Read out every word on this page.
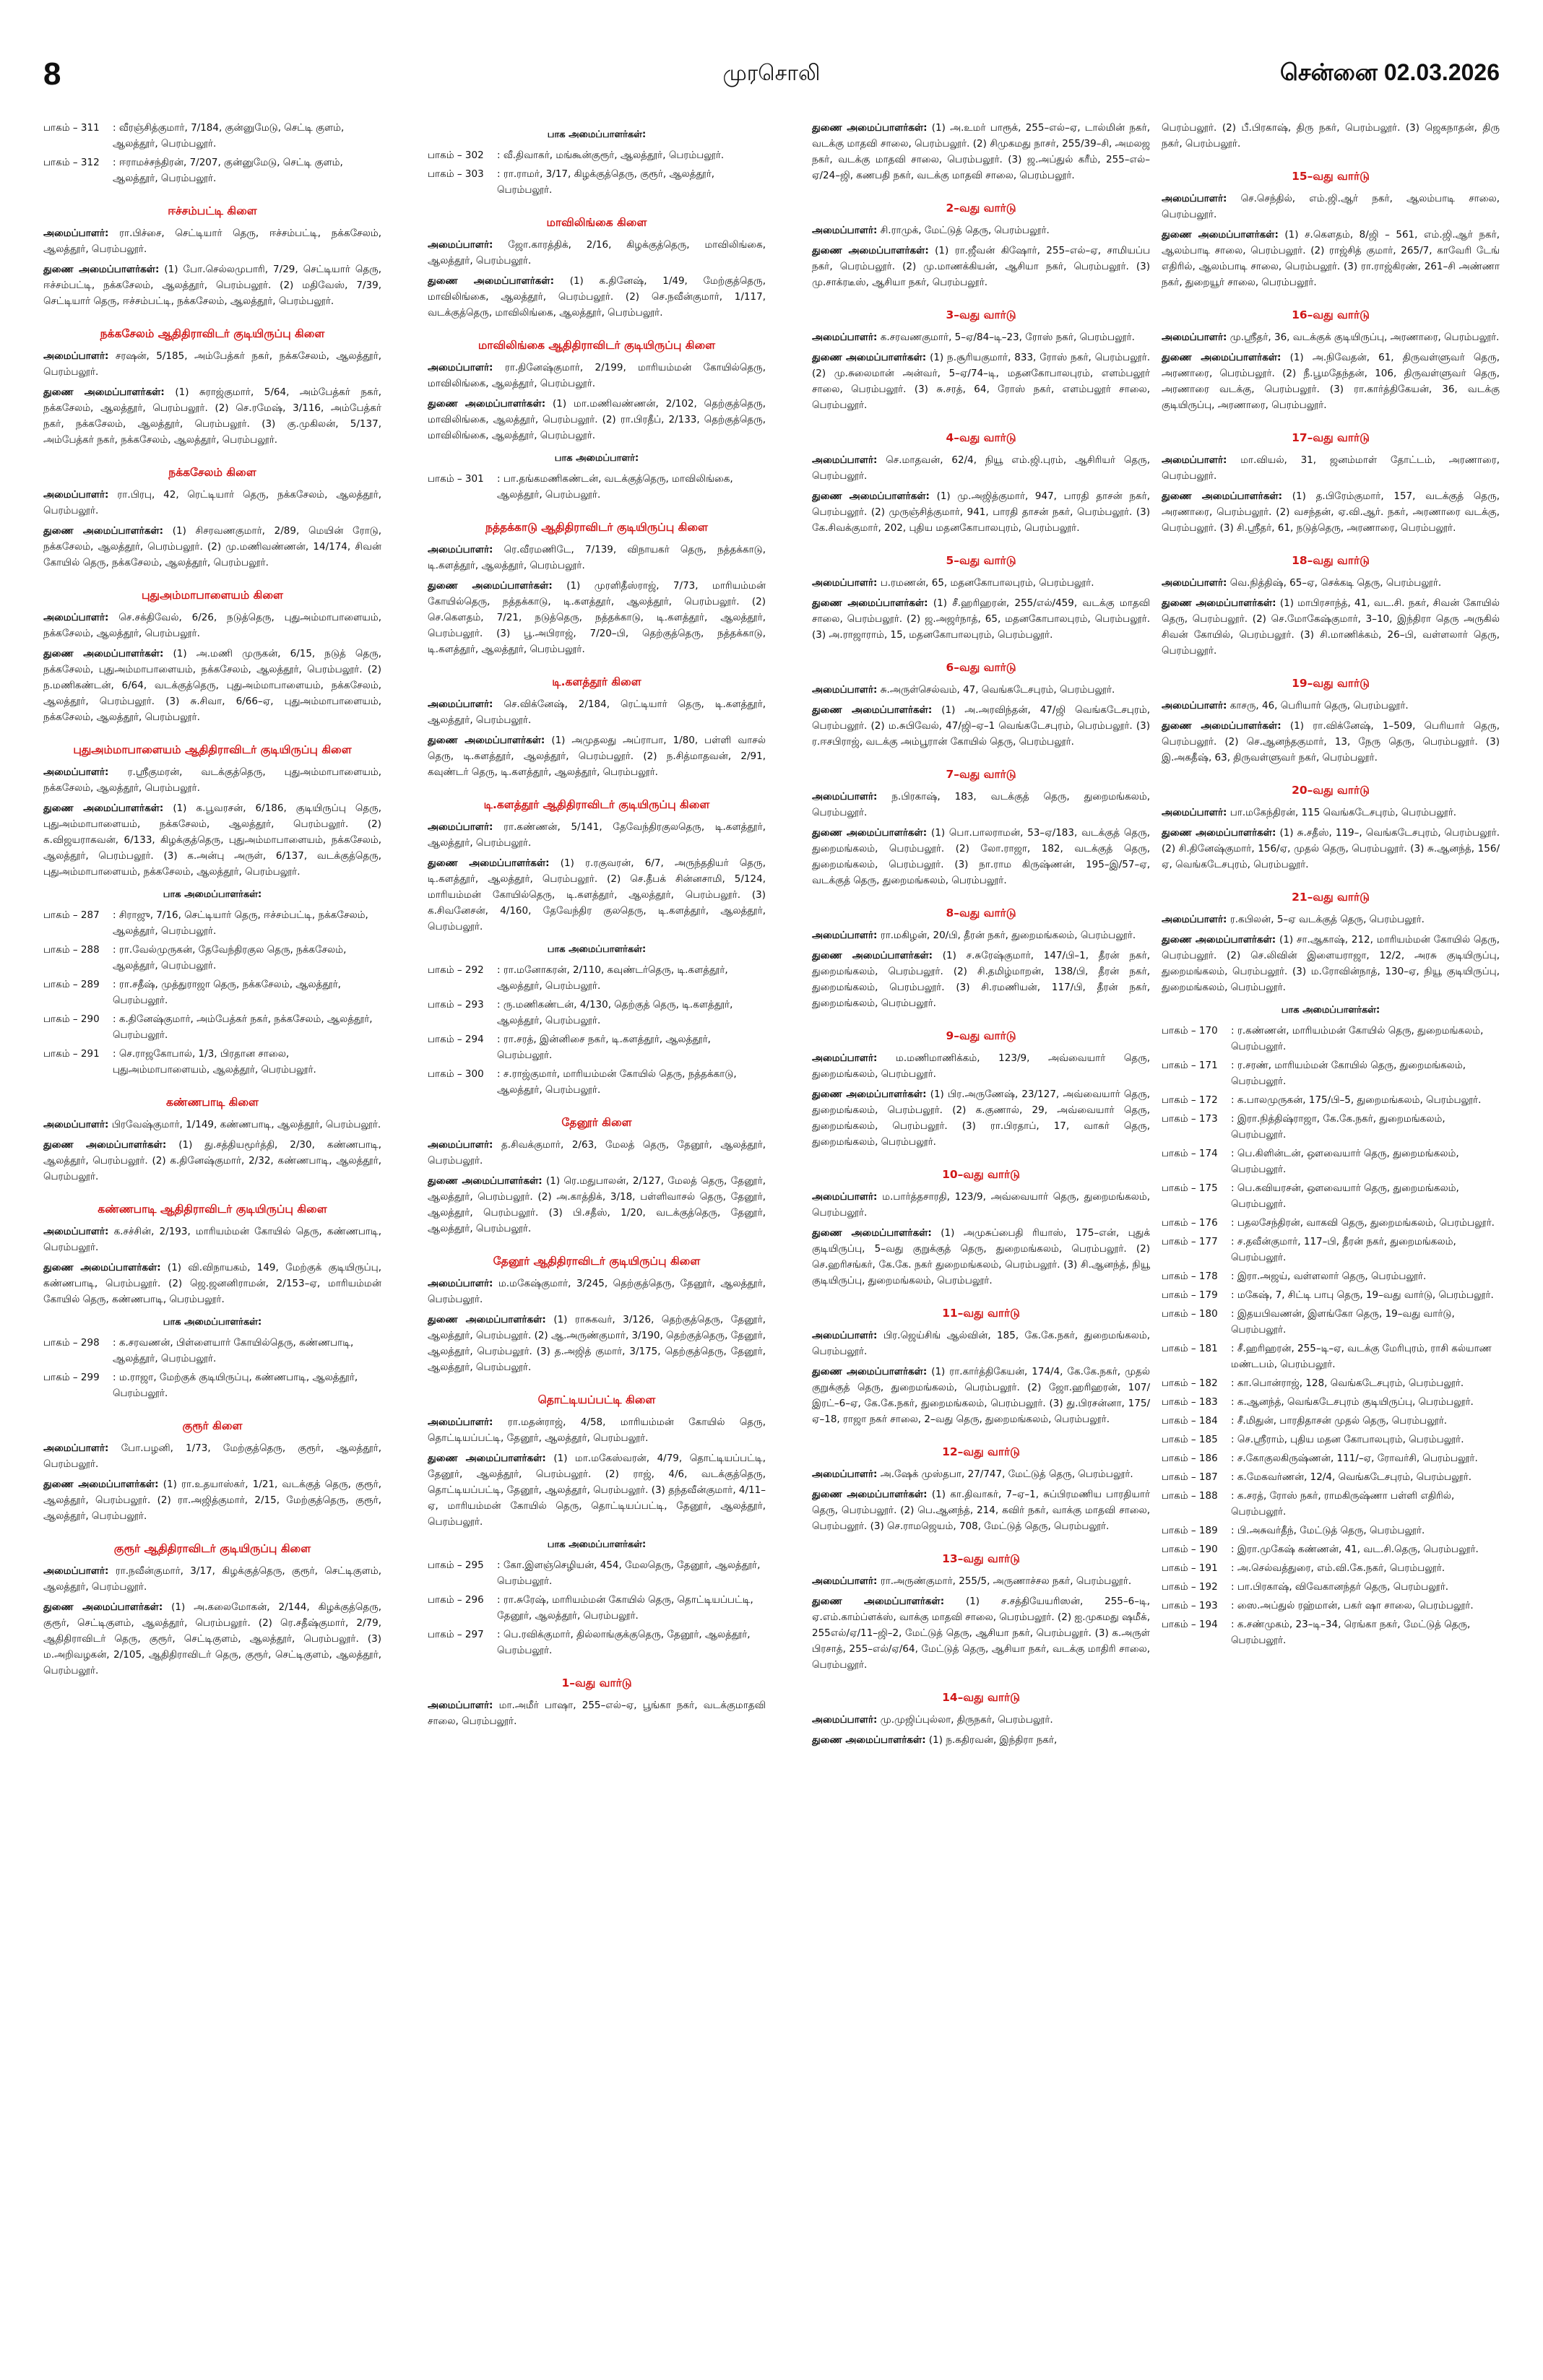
8	முரசொலி	சென்னை 02.03.2026
பாகம் – 311	: வீரஞ்சித்குமார், 7/184, குன்னுமேடு, செட்டி குளம், ஆலத்தூர், பெரம்பலூர்.
பாகம் – 312	: ஈராமச்சந்திரன், 7/207, குன்னுமேடு, செட்டி குளம், ஆலத்தூர், பெரம்பலூர்.
ஈச்சம்பட்டி கிளை
அமைப்பாளர்: ரா.பிச்சை, செட்டியார் தெரு, ஈச்சம்பட்டி, நக்கசேலம், ஆலத்தூர், பெரம்பலூர்.
துணை அமைப்பாளர்கள்: (1) போ.செல்லமுபாரி, 7/29, செட்டியார் தெரு, ஈச்சம்பட்டி, நக்கசேலம், ஆலத்தூர், பெரம்பலூர். (2) மதிவேஸ், 7/39, செட்டியார் தெரு, ஈச்சம்பட்டி, நக்கசேலம், ஆலத்தூர், பெரம்பலூர்.
நக்கசேலம் ஆதிதிராவிடர் குடியிருப்பு கிளை
அமைப்பாளர்: சரஷன், 5/185, அம்பேத்கர் நகர், நக்கசேலம், ஆலத்தூர், பெரம்பலூர்.
துணை அமைப்பாளர்கள்: (1) சுராஜ்குமார், 5/64, அம்பேத்கர் நகர், நக்கசேலம், ஆலத்தூர், பெரம்பலூர். (2) செ.ரமேஷ், 3/116, அம்பேத்கர் நகர், நக்கசேலம், ஆலத்தூர், பெரம்பலூர். (3) கு.முகிலன், 5/137, அம்பேத்கர் நகர், நக்கசேலம், ஆலத்தூர், பெரம்பலூர்.
நக்கசேலம் கிளை
அமைப்பாளர்: ரா.பிரபு, 42, ரெட்டியார் தெரு, நக்கசேலம், ஆலத்தூர், பெரம்பலூர்.
துணை அமைப்பாளர்கள்: (1) சிசரவணகுமார், 2/89, மெயின் ரோடு, நக்கசேலம், ஆலத்தூர், பெரம்பலூர். (2) மு.மணிவண்ணன், 14/174, சிவன் கோயில் தெரு, நக்கசேலம், ஆலத்தூர், பெரம்பலூர்.
புதுஅம்மாபாளையம் கிளை
அமைப்பாளர்: செ.சக்திவேல், 6/26, நடுத்தெரு, புதுஅம்மாபாளையம், நக்கசேலம், ஆலத்தூர், பெரம்பலூர்.
துணை அமைப்பாளர்கள்: (1) அ.மணி முருகன், 6/15, நடுத் தெரு, நக்கசேலம், புதுஅம்மாபாளையம், நக்கசேலம், ஆலத்தூர், பெரம்பலூர். (2) ந.மணிகண்டன், 6/64, வடக்குத்தெரு, புதுஅம்மாபாளையம், நக்கசேலம், ஆலத்தூர், பெரம்பலூர். (3) சு.சிவா, 6/66–ஏ, புதுஅம்மாபாளையம், நக்கசேலம், ஆலத்தூர், பெரம்பலூர்.
புதுஅம்மாபாளையம் ஆதிதிராவிடர் குடியிருப்பு கிளை
அமைப்பாளர்: ர.ஸ்ரீகுமரன், வடக்குத்தெரு, புதுஅம்மாபாளையம், நக்கசேலம், ஆலத்தூர், பெரம்பலூர்.
துணை அமைப்பாளர்கள்: (1) க.பூவரசன், 6/186, குடியிருப்பு தெரு, புதுஅம்மாபாளையம், நக்கசேலம், ஆலத்தூர், பெரம்பலூர். (2) க.விஜயராகவன், 6/133, கிழக்குத்தெரு, புதுஅம்மாபாளையம், நக்கசேலம், ஆலத்தூர், பெரம்பலூர். (3) க.அன்பு அருள், 6/137, வடக்குத்தெரு, புதுஅம்மாபாளையம், நக்கசேலம், ஆலத்தூர், பெரம்பலூர்.
பாக அமைப்பாளர்கள்:
பாகம் – 287	: சிராஜு, 7/16, செட்டியார் தெரு, ஈச்சம்பட்டி, நக்கசேலம், ஆலத்தூர், பெரம்பலூர்.
பாகம் – 288	: ரா.வேல்முருகன், தேவேந்திரகுல தெரு, நக்கசேலம், ஆலத்தூர், பெரம்பலூர்.
பாகம் – 289	: ரா.சதீஷ், முத்துராஜா தெரு, நக்கசேலம், ஆலத்தூர், பெரம்பலூர்.
பாகம் – 290	: க.தினேஷ்குமார், அம்பேத்கர் நகர், நக்கசேலம், ஆலத்தூர், பெரம்பலூர்.
பாகம் – 291	: செ.ராஜகோபால், 1/3, பிரதான சாலை, புதுஅம்மாபாளையம், ஆலத்தூர், பெரம்பலூர்.
கண்ணபாடி கிளை
அமைப்பாளர்: பிரவேஷ்குமார், 1/149, கண்ணபாடி, ஆலத்தூர், பெரம்பலூர்.
துணை அமைப்பாளர்கள்: (1) து.சத்தியமூர்த்தி, 2/30, கண்ணபாடி, ஆலத்தூர், பெரம்பலூர். (2) க.தினேஷ்குமார், 2/32, கண்ணபாடி, ஆலத்தூர், பெரம்பலூர்.
கண்ணபாடி ஆதிதிராவிடர் குடியிருப்பு கிளை
அமைப்பாளர்: க.சச்சின், 2/193, மாரியம்மன் கோயில் தெரு, கண்ணபாடி, பெரம்பலூர்.
துணை அமைப்பாளர்கள்: (1) வி.விநாயகம், 149, மேற்குக் குடியிருப்பு, கண்ணபாடி, பெரம்பலூர். (2) ஜெ.ஜனனிராமன், 2/153–ஏ, மாரியம்மன் கோயில் தெரு, கண்ணபாடி, பெரம்பலூர்.
பாக அமைப்பாளர்கள்:
பாகம் – 298	: க.சரவணன், பிள்ளையார் கோயில்தெரு, கண்ணபாடி, ஆலத்தூர், பெரம்பலூர்.
பாகம் – 299	: ம.ராஜா, மேற்குக் குடியிருப்பு, கண்ணபாடி, ஆலத்தூர், பெரம்பலூர்.
குரூர் கிளை
அமைப்பாளர்: போ.பழனி, 1/73, மேற்குத்தெரு, குரூர், ஆலத்தூர், பெரம்பலூர்.
துணை அமைப்பாளர்கள்: (1) ரா.உதயாஸ்கர், 1/21, வடக்குத் தெரு, குரூர், ஆலத்தூர், பெரம்பலூர். (2) ரா.அஜித்குமார், 2/15, மேற்குத்தெரு, குரூர், ஆலத்தூர், பெரம்பலூர்.
குரூர் ஆதிதிராவிடர் குடியிருப்பு கிளை
அமைப்பாளர்: ரா.நவீன்குமார், 3/17, கிழக்குத்தெரு, குரூர், செட்டிகுளம், ஆலத்தூர், பெரம்பலூர்.
துணை அமைப்பாளர்கள்: (1) அ.கலைமோகன், 2/144, கிழக்குத்தெரு, குரூர், செட்டிகுளம், ஆலத்தூர், பெரம்பலூர். (2) ரெ.சதீஷ்குமார், 2/79, ஆதிதிராவிடர் தெரு, குரூர், செட்டிகுளம், ஆலத்தூர், பெரம்பலூர். (3) ம.அறிவழகன், 2/105, ஆதிதிராவிடர் தெரு, குரூர், செட்டிகுளம், ஆலத்தூர், பெரம்பலூர்.
பாக அமைப்பாளர்கள்:
பாகம் – 302	: வீ.திவாகர், மங்கூன்குரூர், ஆலத்தூர், பெரம்பலூர்.
பாகம் – 303	: ரா.ராமர், 3/17, கிழக்குத்தெரு, குரூர், ஆலத்தூர், பெரம்பலூர்.
மாவிலிங்கை கிளை
அமைப்பாளர்: ஜோ.காரத்திக், 2/16, கிழக்குத்தெரு, மாவிலிங்கை, ஆலத்தூர், பெரம்பலூர்.
துணை அமைப்பாளர்கள்: (1) க.தினேஷ், 1/49, மேற்குத்தெரு, மாவிலிங்கை, ஆலத்தூர், பெரம்பலூர். (2) செ.நவீன்குமார், 1/117, வடக்குத்தெரு, மாவிலிங்கை, ஆலத்தூர், பெரம்பலூர்.
மாவிலிங்கை ஆதிதிராவிடர் குடியிருப்பு கிளை
அமைப்பாளர்: ரா.தினேஷ்குமார், 2/199, மாரியம்மன் கோயில்தெரு, மாவிலிங்கை, ஆலத்தூர், பெரம்பலூர்.
துணை அமைப்பாளர்கள்: (1) மா.மணிவண்ணன், 2/102, தெற்குத்தெரு, மாவிலிங்கை, ஆலத்தூர், பெரம்பலூர். (2) ரா.பிரதீப், 2/133, தெற்குத்தெரு, மாவிலிங்கை, ஆலத்தூர், பெரம்பலூர்.
பாக அமைப்பாளர்:
பாகம் – 301	: பா.தங்கமணிகண்டன், வடக்குத்தெரு, மாவிலிங்கை, ஆலத்தூர், பெரம்பலூர்.
நத்தக்காடு ஆதிதிராவிடர் குடியிருப்பு கிளை
அமைப்பாளர்: ரெ.வீரமணிடே, 7/139, விநாயகர் தெரு, நத்தக்காடு, டி.களத்தூர், ஆலத்தூர், பெரம்பலூர்.
துணை அமைப்பாளர்கள்: (1) முரளிதீஸ்ராஜ், 7/73, மாரியம்மன் கோயில்தெரு, நத்தக்காடு, டி.களத்தூர், ஆலத்தூர், பெரம்பலூர். (2) செ.கௌதம், 7/21, நடுத்தெரு, நத்தக்காடு, டி.களத்தூர், ஆலத்தூர், பெரம்பலூர். (3) பூ.அபிராஜ், 7/20–பி, தெற்குத்தெரு, நத்தக்காடு, டி.களத்தூர், ஆலத்தூர், பெரம்பலூர்.
டி.களத்தூர் கிளை
அமைப்பாளர்: செ.விக்னேஷ், 2/184, ரெட்டியார் தெரு, டி.களத்தூர், ஆலத்தூர், பெரம்பலூர்.
துணை அமைப்பாளர்கள்: (1) அமுதலது அப்ராபா, 1/80, பள்ளி வாசல் தெரு, டி.களத்தூர், ஆலத்தூர், பெரம்பலூர். (2) ந.சித்மாதவன், 2/91, கவுண்டர் தெரு, டி.களத்தூர், ஆலத்தூர், பெரம்பலூர்.
டி.களத்தூர் ஆதிதிராவிடர் குடியிருப்பு கிளை
அமைப்பாளர்: ரா.கண்ணன், 5/141, தேவேந்திரகுலதெரு, டி.களத்தூர், ஆலத்தூர், பெரம்பலூர்.
துணை அமைப்பாளர்கள்: (1) ர.ரகுவரன், 6/7, அருந்ததியர் தெரு, டி.களத்தூர், ஆலத்தூர், பெரம்பலூர். (2) செ.தீபக் சின்னசாமி, 5/124, மாரியம்மன் கோயில்தெரு, டி.களத்தூர், ஆலத்தூர், பெரம்பலூர். (3) க.சிவனேசன், 4/160, தேவேந்திர குலதெரு, டி.களத்தூர், ஆலத்தூர், பெரம்பலூர்.
பாக அமைப்பாளர்கள்:
பாகம் – 292	: ரா.மனோகரன், 2/110, கவுண்டர்தெரு, டி.களத்தூர், ஆலத்தூர், பெரம்பலூர்.
பாகம் – 293	: ரு.மணிகண்டன், 4/130, தெற்குத் தெரு, டி.களத்தூர், ஆலத்தூர், பெரம்பலூர்.
பாகம் – 294	: ரா.சரத், இன்னிசை நகர், டி.களத்தூர், ஆலத்தூர், பெரம்பலூர்.
பாகம் – 300	: ச.ராஜ்குமார், மாரியம்மன் கோயில் தெரு, நத்தக்காடு, ஆலத்தூர், பெரம்பலூர்.
தேனூர் கிளை
அமைப்பாளர்: த.சிவக்குமார், 2/63, மேலத் தெரு, தேனூர், ஆலத்தூர், பெரம்பலூர்.
துணை அமைப்பாளர்கள்: (1) ரெ.மதுபாலன், 2/127, மேலத் தெரு, தேனூர், ஆலத்தூர், பெரம்பலூர். (2) அ.காத்திக், 3/18, பள்ளிவாசல் தெரு, தேனூர், ஆலத்தூர், பெரம்பலூர். (3) பி.சதீஸ், 1/20, வடக்குத்தெரு, தேனூர், ஆலத்தூர், பெரம்பலூர்.
தேனூர் ஆதிதிராவிடர் குடியிருப்பு கிளை
அமைப்பாளர்: ம.மகேஷ்குமார், 3/245, தெற்குத்தெரு, தேனூர், ஆலத்தூர், பெரம்பலூர்.
துணை அமைப்பாளர்கள்: (1) ராசுகவர், 3/126, தெற்குத்தெரு, தேனூர், ஆலத்தூர், பெரம்பலூர். (2) ஆ.அருண்குமார், 3/190, தெற்குத்தெரு, தேனூர், ஆலத்தூர், பெரம்பலூர். (3) த.அஜித் குமார், 3/175, தெற்குத்தெரு, தேனூர், ஆலத்தூர், பெரம்பலூர்.
தொட்டியப்பட்டி கிளை
அமைப்பாளர்: ரா.மதன்ராஜ், 4/58, மாரியம்மன் கோயில் தெரு, தொட்டியப்பட்டி, தேனூர், ஆலத்தூர், பெரம்பலூர்.
துணை அமைப்பாளர்கள்: (1) மா.மகேஸ்வரன், 4/79, தொட்டியப்பட்டி, தேனூர், ஆலத்தூர், பெரம்பலூர். (2) ராஜ், 4/6, வடக்குத்தெரு, தொட்டியப்பட்டி, தேனூர், ஆலத்தூர், பெரம்பலூர். (3) தந்தவீன்குமார், 4/11–ஏ, மாரியம்மன் கோயில் தெரு, தொட்டியப்பட்டி, தேனூர், ஆலத்தூர், பெரம்பலூர்.
பாக அமைப்பாளர்கள்:
பாகம் – 295	: கோ.இளஞ்செழியன், 454, மேலதெரு, தேனூர், ஆலத்தூர், பெரம்பலூர்.
பாகம் – 296	: ரா.சுரேஷ், மாரியம்மன் கோயில் தெரு, தொட்டியப்பட்டி, தேனூர், ஆலத்தூர், பெரம்பலூர்.
பாகம் – 297	: பெ.ரவிக்குமார், தில்லாங்குக்குதெரு, தேனூர், ஆலத்தூர், பெரம்பலூர்.
1–வது வார்டு
அமைப்பாளர்: மா.அமீர் பாஷா, 255–எல்–ஏ, பூங்கா நகர், வடக்குமாதவி சாலை, பெரம்பலூர்.
துணை அமைப்பாளர்கள்: (1) அ.உமர் பாரூக், 255–எல்–ஏ, டால்மின் நகர், வடக்கு மாதவி சாலை, பெரம்பலூர். (2) சிமுகமது நாசர், 255/39–சி, அமலஜ நகர், வடக்கு மாதவி சாலை, பெரம்பலூர். (3) ஜ.அப்துல் கரீம், 255–எல்–ஏ/24–ஜி, கணபதி நகர், வடக்கு மாதவி சாலை, பெரம்பலூர்.
2–வது வார்டு
அமைப்பாளர்: சி.ராமுக், மேட்டுத் தெரு, பெரம்பலூர்.
துணை அமைப்பாளர்கள்: (1) ரா.ஜீவன் கிஷோர், 255–எல்–ஏ, சாமியப்ப நகர், பெரம்பலூர். (2) மு.மாணக்கியன், ஆசியா நகர், பெரம்பலூர். (3) மு.சாக்ரடீஸ், ஆசியா நகர், பெரம்பலூர்.
3–வது வார்டு
அமைப்பாளர்: க.சரவணகுமார், 5–ஏ/84–டி–23, ரோஸ் நகர், பெரம்பலூர்.
துணை அமைப்பாளர்கள்: (1) ந.சூரியகுமார், 833, ரோஸ் நகர், பெரம்பலூர். (2) மு.சுலைமான் அன்வர், 5–ஏ/74–டி, மதனகோபாலபுரம், எளம்பலூர் சாலை, பெரம்பலூர். (3) சு.சரத், 64, ரோஸ் நகர், எளம்பலூர் சாலை, பெரம்பலூர்.
4–வது வார்டு
அமைப்பாளர்: செ.மாதவன், 62/4, நியூ எம்.ஜி.புரம், ஆசிரியர் தெரு, பெரம்பலூர்.
துணை அமைப்பாளர்கள்: (1) மு.அஜித்குமார், 947, பாரதி தாசன் நகர், பெரம்பலூர். (2) முருஞ்சித்குமார், 941, பாரதி தாசன் நகர், பெரம்பலூர். (3) கே.சிவக்குமார், 202, புதிய மதனகோபாலபுரம், பெரம்பலூர்.
5–வது வார்டு
அமைப்பாளர்: ப.ரமணன், 65, மதனகோபாலபுரம், பெரம்பலூர்.
துணை அமைப்பாளர்கள்: (1) சீ.ஹரிஹரன், 255/எல்/459, வடக்கு மாதவி சாலை, பெரம்பலூர். (2) ஜ.அஜர்நாத், 65, மதனகோபாலபுரம், பெரம்பலூர். (3) அ.ராஜாராம், 15, மதனகோபாலபுரம், பெரம்பலூர்.
6–வது வார்டு
அமைப்பாளர்: சு.அருள்செல்வம், 47, வெங்கடேசபுரம், பெரம்பலூர்.
துணை அமைப்பாளர்கள்: (1) அ.அரவிந்தன், 47/ஜி வெங்கடேசபுரம், பெரம்பலூர். (2) ம.சுபிவேல், 47/ஜி–ஏ–1 வெங்கடேசபுரம், பெரம்பலூர். (3) ர.ஈசபிராஜ், வடக்கு அம்பூரான் கோயில் தெரு, பெரம்பலூர்.
7–வது வார்டு
அமைப்பாளர்: ந.பிரகாஷ், 183, வடக்குத் தெரு, துறைமங்கலம், பெரம்பலூர்.
துணை அமைப்பாளர்கள்: (1) பொ.பாலராமன், 53–ஏ/183, வடக்குத் தெரு, துறைமங்கலம், பெரம்பலூர். (2) லோ.ராஜா, 182, வடக்குத் தெரு, துறைமங்கலம், பெரம்பலூர். (3) நா.ராம கிருஷ்ணன், 195–இ/57–ஏ, வடக்குத் தெரு, துறைமங்கலம், பெரம்பலூர்.
8–வது வார்டு
அமைப்பாளர்: ரா.மகிழன், 20/பி, தீரன் நகர், துறைமங்கலம், பெரம்பலூர்.
துணை அமைப்பாளர்கள்: (1) ச.சுரேஷ்குமார், 147/பி–1, தீரன் நகர், துறைமங்கலம், பெரம்பலூர். (2) சி.தமிழ்மாறன், 138/பி, தீரன் நகர், துறைமங்கலம், பெரம்பலூர். (3) சி.ரமணியன், 117/பி, தீரன் நகர், துறைமங்கலம், பெரம்பலூர்.
9–வது வார்டு
அமைப்பாளர்: ம.மணிமாணிக்கம், 123/9, அவ்வையார் தெரு, துறைமங்கலம், பெரம்பலூர்.
துணை அமைப்பாளர்கள்: (1) பிர.அருணேஷ், 23/127, அவ்வையார் தெரு, துறைமங்கலம், பெரம்பலூர். (2) க.குணால், 29, அவ்வையார் தெரு, துறைமங்கலம், பெரம்பலூர். (3) ரா.பிரதாப், 17, வாகர் தெரு, துறைமங்கலம், பெரம்பலூர்.
10–வது வார்டு
அமைப்பாளர்: ம.பார்த்தசாரதி, 123/9, அவ்வையார் தெரு, துறைமங்கலம், பெரம்பலூர்.
துணை அமைப்பாளர்கள்: (1) அமுசுப்பைதி ரியாஸ், 175–என், புதுக் குடியிருப்பு, 5–வது குறுக்குத் தெரு, துறைமங்கலம், பெரம்பலூர். (2) செ.ஹரிசங்கர், கே.கே. நகர் துறைமங்கலம், பெரம்பலூர். (3) சி.ஆனந்த், நியூ குடியிருப்பு, துறைமங்கலம், பெரம்பலூர்.
11–வது வார்டு
அமைப்பாளர்: பிர.ஜெய்சிங் ஆல்வின், 185, கே.கே.நகர், துறைமங்கலம், பெரம்பலூர்.
துணை அமைப்பாளர்கள்: (1) ரா.கார்த்திகேயன், 174/4, கே.கே.நகர், முதல் குறுக்குத் தெரு, துறைமங்கலம், பெரம்பலூர். (2) ஜோ.ஹரிஹரன், 107/இரட்–6–ஏ, கே.கே.நகர், துறைமங்கலம், பெரம்பலூர். (3) து.பிரசன்னா, 175/ஏ–18, ராஜா நகர் சாலை, 2–வது தெரு, துறைமங்கலம், பெரம்பலூர்.
12–வது வார்டு
அமைப்பாளர்: அ.ஷேக் முஸ்தபா, 27/747, மேட்டுத் தெரு, பெரம்பலூர்.
துணை அமைப்பாளர்கள்: (1) கா.திவாகர், 7–ஏ–1, சுப்பிரமணிய பாரதியார் தெரு, பெரம்பலூர். (2) பெ.ஆனந்த், 214, கவிர் நகர், வாக்கு மாதவி சாலை, பெரம்பலூர். (3) செ.ராமஜெயம், 708, மேட்டுத் தெரு, பெரம்பலூர்.
13–வது வார்டு
அமைப்பாளர்: ரா.அருண்குமார், 255/5, அருணாச்சல நகர், பெரம்பலூர்.
துணை அமைப்பாளர்கள்: (1) ச.சத்தியேயரிஸன், 255–6–டி, ஏ.எம்.காம்ப்ளக்ஸ், வாக்கு மாதவி சாலை, பெரம்பலூர். (2) ஐ.முகமது ஷமீக், 255எல்/ஏ/11–ஜி–2, மேட்டுத் தெரு, ஆசியா நகர், பெரம்பலூர். (3) க.அருள் பிரசாத், 255–எல்/ஏ/64, மேட்டுத் தெரு, ஆசியா நகர், வடக்கு மாதிரி சாலை, பெரம்பலூர்.
14–வது வார்டு
அமைப்பாளர்: மு.முஜிப்புல்லா, திருநகர், பெரம்பலூர்.
துணை அமைப்பாளர்கள்: (1) ந.கதிரவன், இந்திரா நகர்,
பெரம்பலூர். (2) பீ.பிரகாஷ், திரு நகர், பெரம்பலூர். (3) ஜெகநாதன், திரு நகர், பெரம்பலூர்.
15–வது வார்டு
அமைப்பாளர்: செ.செந்தில், எம்.ஜி.ஆர் நகர், ஆலம்பாடி சாலை, பெரம்பலூர்.
துணை அமைப்பாளர்கள்: (1) ச.கௌதம், 8/ஜி – 561, எம்.ஜி.ஆர் நகர், ஆலம்பாடி சாலை, பெரம்பலூர். (2) ராஜ்சித் குமார், 265/7, காவேரி டேங் எதிரில், ஆலம்பாடி சாலை, பெரம்பலூர். (3) ரா.ராஜ்கிரண், 261–சி அண்ணா நகர், துறையூர் சாலை, பெரம்பலூர்.
16–வது வார்டு
அமைப்பாளர்: மு.ஸ்ரீதர், 36, வடக்குக் குடியிருப்பு, அரணாரை, பெரம்பலூர்.
துணை அமைப்பாளர்கள்: (1) அ.நிவேதன், 61, திருவள்ளுவர் தெரு, அரணாரை, பெரம்பலூர். (2) நீ.பூமதேந்தன், 106, திருவள்ளுவர் தெரு, அரணாரை வடக்கு, பெரம்பலூர். (3) ரா.கார்த்திகேயன், 36, வடக்கு குடியிருப்பு, அரணாரை, பெரம்பலூர்.
17–வது வார்டு
அமைப்பாளர்: மா.வியல், 31, ஜனம்மாள் தோட்டம், அரணாரை, பெரம்பலூர்.
துணை அமைப்பாளர்கள்: (1) த.பிரேம்குமார், 157, வடக்குத் தெரு, அரணாரை, பெரம்பலூர். (2) வசந்தன், ஏ.வி.ஆர். நகர், அரணாரை வடக்கு, பெரம்பலூர். (3) சி.ஸ்ரீதர், 61, நடுத்தெரு, அரணாரை, பெரம்பலூர்.
18–வது வார்டு
அமைப்பாளர்: வெ.நித்திஷ், 65–ஏ, செக்கடி தெரு, பெரம்பலூர்.
துணை அமைப்பாளர்கள்: (1) மாபிரசாந்த், 41, வட.சி. நகர், சிவன் கோயில் தெரு, பெரம்பலூர். (2) செ.மோகேஷ்குமார், 3–10, இந்திரா தெரு அருகில் சிவன் கோயில், பெரம்பலூர். (3) சி.மாணிக்கம், 26–பி, வள்ளலார் தெரு, பெரம்பலூர்.
19–வது வார்டு
அமைப்பாளர்: காசரு, 46, பெரியார் தெரு, பெரம்பலூர்.
துணை அமைப்பாளர்கள்: (1) ரா.விக்னேஷ், 1–509, பெரியார் தெரு, பெரம்பலூர். (2) செ.ஆனந்தகுமார், 13, நேரு தெரு, பெரம்பலூர். (3) இ.அகதீஷ், 63, திருவள்ளுவர் நகர், பெரம்பலூர்.
20–வது வார்டு
அமைப்பாளர்: பா.மகேந்திரன், 115 வெங்கடேசபுரம், பெரம்பலூர்.
துணை அமைப்பாளர்கள்: (1) சு.சதீஸ், 119–, வெங்கடேசபுரம், பெரம்பலூர். (2) சி.தினேஷ்குமார், 156/ஏ, முதல் தெரு, பெரம்பலூர். (3) சு.ஆனந்த், 156/ஏ, வெங்கடேசபுரம், பெரம்பலூர்.
21–வது வார்டு
அமைப்பாளர்: ர.கபிலன், 5–ஏ வடக்குத் தெரு, பெரம்பலூர்.
துணை அமைப்பாளர்கள்: (1) சா.ஆகாஷ், 212, மாரியம்மன் கோயில் தெரு, பெரம்பலூர். (2) செ.லிவின் இளையராஜா, 12/2, அரசு குடியிருப்பு, துறைமங்கலம், பெரம்பலூர். (3) ம.ரோவின்நாத், 130–ஏ, நியூ குடியிருப்பு, துறைமங்கலம், பெரம்பலூர்.
பாக அமைப்பாளர்கள்:
பாகம் – 170	: ர.கண்ணன், மாரியம்மன் கோயில் தெரு, துறைமங்கலம், பெரம்பலூர்.
பாகம் – 171	: ர.சரண், மாரியம்மன் கோயில் தெரு, துறைமங்கலம், பெரம்பலூர்.
பாகம் – 172	: க.பாலமுருகன், 175/பி–5, துறைமங்கலம், பெரம்பலூர்.
பாகம் – 173	: இரா.நித்திஷ்ராஜா, கே.கே.நகர், துறைமங்கலம், பெரம்பலூர்.
பாகம் – 174	: பெ.கிளின்டன், ஔவையார் தெரு, துறைமங்கலம், பெரம்பலூர்.
பாகம் – 175	: பெ.கவியரசன், ஔவையார் தெரு, துறைமங்கலம், பெரம்பலூர்.
பாகம் – 176	: பதலசேந்திரன், வாகவி தெரு, துறைமங்கலம், பெரம்பலூர்.
பாகம் – 177	: ச.தவீன்குமார், 117–பி, தீரன் நகர், துறைமங்கலம், பெரம்பலூர்.
பாகம் – 178	: இரா.அஜய், வள்ளலார் தெரு, பெரம்பலூர்.
பாகம் – 179	: மகேஷ், 7, சிட்டி பாபு தெரு, 19–வது வார்டு, பெரம்பலூர்.
பாகம் – 180	: இதயபிவணன், இளங்கோ தெரு, 19–வது வார்டு, பெரம்பலூர்.
பாகம் – 181	: சீ.ஹரிஹரன், 255–டி–ஏ, வடக்கு மேரிபுரம், ராசி கல்யாண மண்டபம், பெரம்பலூர்.
பாகம் – 182	: கா.பொன்ராஜ், 128, வெங்கடேசபுரம், பெரம்பலூர்.
பாகம் – 183	: க.ஆனந்த், வெங்கடேசபுரம் குடியிருப்பு, பெரம்பலூர்.
பாகம் – 184	: சீ.மிதுன், பாரதிதாசன் முதல் தெரு, பெரம்பலூர்.
பாகம் – 185	: செ.ஸ்ரீராம், புதிய மதன கோபாலபுரம், பெரம்பலூர்.
பாகம் – 186	: ச.கோகுலகிருஷ்ணன், 111/–ஏ, ரோவர்சி, பெரம்பலூர்.
பாகம் – 187	: க.மேகவர்ணன், 12/4, வெங்கடேசபுரம், பெரம்பலூர்.
பாகம் – 188	: க.சரத், ரோஸ் நகர், ராமகிருஷ்ணா பள்ளி எதிரில், பெரம்பலூர்.
பாகம் – 189	: பி.அசுவர்தீந், மேட்டுத் தெரு, பெரம்பலூர்.
பாகம் – 190	: இரா.முகேஷ் கண்ணன், 41, வட.சி.தெரு, பெரம்பலூர்.
பாகம் – 191	: அ.செல்வத்துரை, எம்.வி.கே.நகர், பெரம்பலூர்.
பாகம் – 192	: பா.பிரகாஷ், விவேகானந்தர் தெரு, பெரம்பலூர்.
பாகம் – 193	: ஸை.அப்துல் ரஹ்மான், பகர் ஷா சாலை, பெரம்பலூர்.
பாகம் – 194	: க.சண்முகம், 23–டி–34, ரெங்கா நகர், மேட்டுத் தெரு, பெரம்பலூர்.
